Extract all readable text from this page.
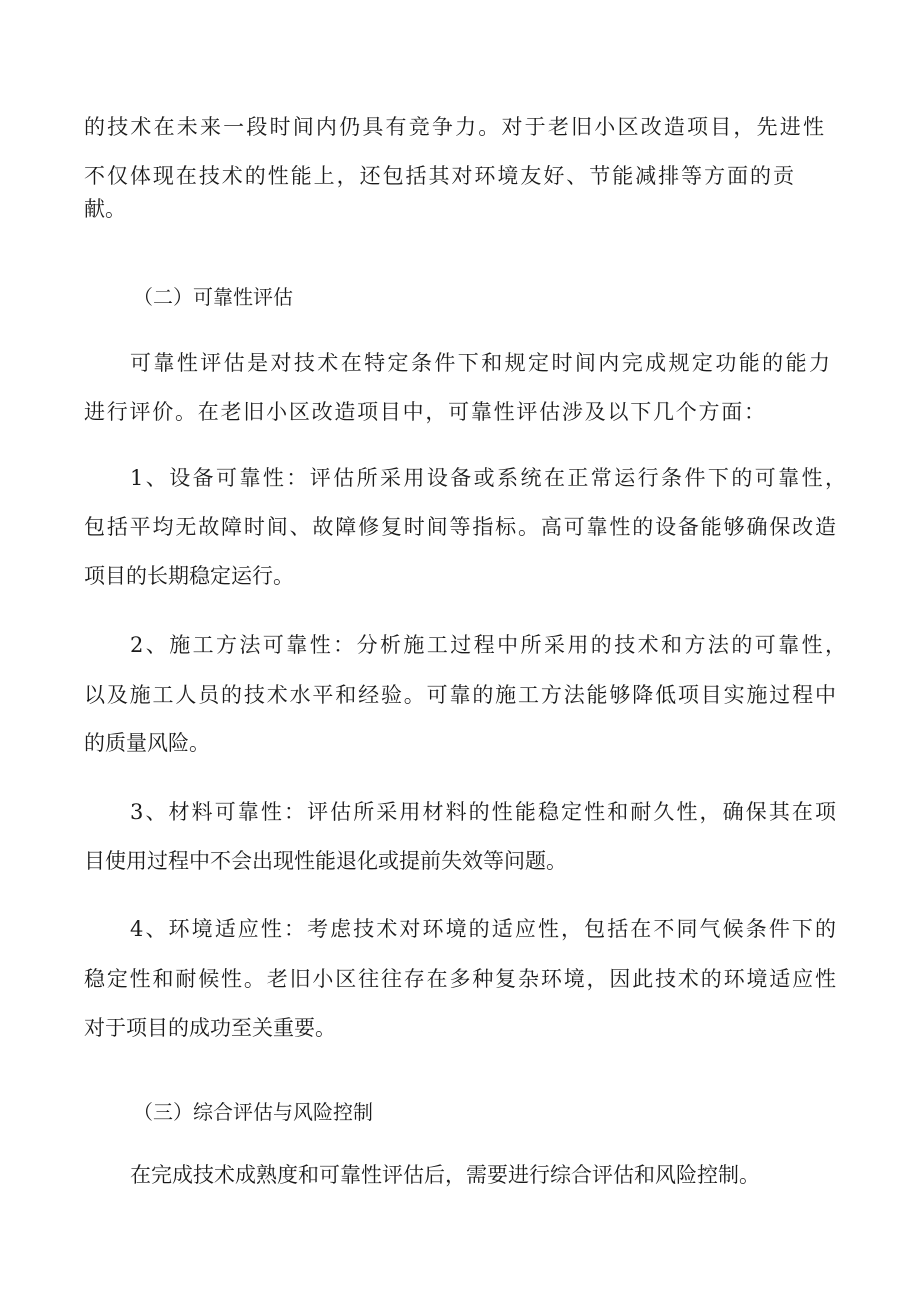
的技术在未来一段时间内仍具有竞争力。对于老旧小区改造项目，先进性

不仅体现在技术的性能上，还包括其对环境友好、节能减排等方面的贡

献。

（二）可靠性评估

可靠性评估是对技术在特定条件下和规定时间内完成规定功能的能力

进行评价。在老旧小区改造项目中，可靠性评估涉及以下几个方面：

1、设备可靠性：评估所采用设备或系统在正常运行条件下的可靠性，

包括平均无故障时间、故障修复时间等指标。高可靠性的设备能够确保改造

项目的长期稳定运行。

2、施工方法可靠性：分析施工过程中所采用的技术和方法的可靠性，

以及施工人员的技术水平和经验。可靠的施工方法能够降低项目实施过程中

的质量风险。

3、材料可靠性：评估所采用材料的性能稳定性和耐久性，确保其在项

目使用过程中不会出现性能退化或提前失效等问题。

4、环境适应性：考虑技术对环境的适应性，包括在不同气候条件下的

稳定性和耐候性。老旧小区往往存在多种复杂环境，因此技术的环境适应性

对于项目的成功至关重要。

（三）综合评估与风险控制

在完成技术成熟度和可靠性评估后，需要进行综合评估和风险控制。
